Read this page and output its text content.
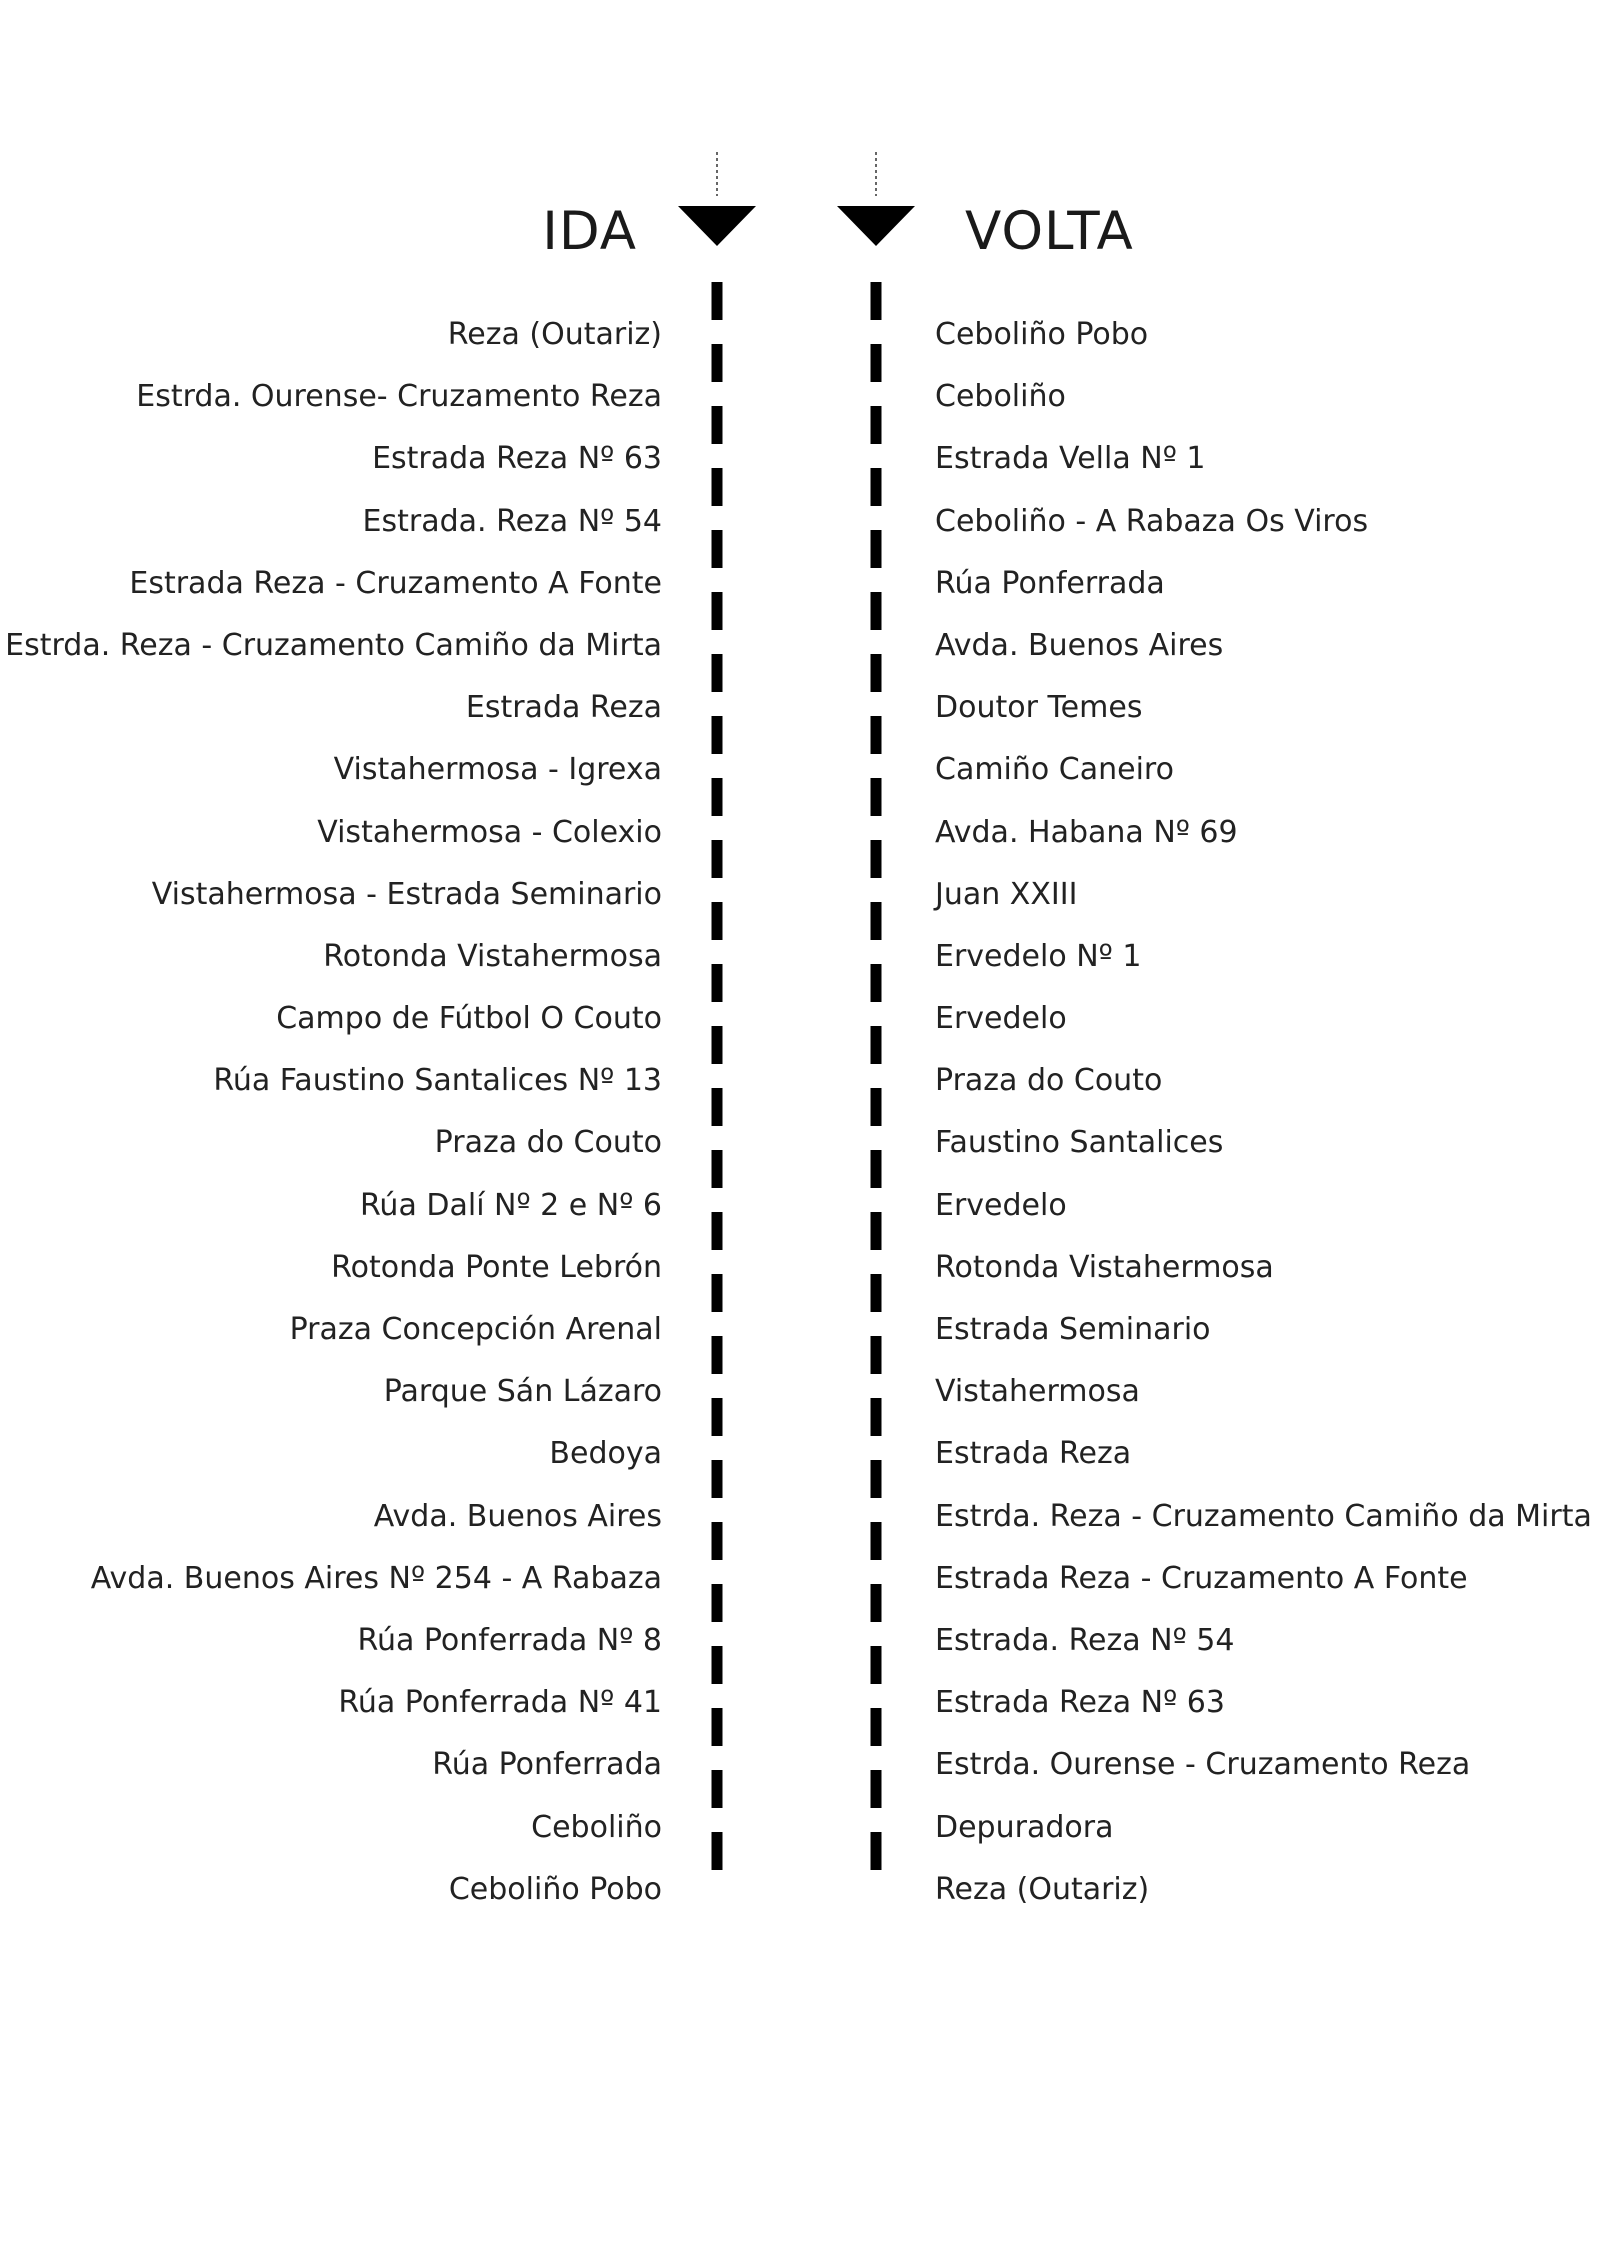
IDA	VOLTA
Reza (Outariz)
Estrda. Ourense- Cruzamento Reza
Estrada Reza Nº 63
Estrada. Reza Nº 54
Estrada Reza - Cruzamento A Fonte
Estrda. Reza - Cruzamento Camiño da Mirta
Estrada Reza
Vistahermosa - Igrexa
Vistahermosa - Colexio
Vistahermosa - Estrada Seminario
Rotonda Vistahermosa
Campo de Fútbol O Couto
Rúa Faustino Santalices Nº 13
Praza do Couto
Rúa Dalí Nº 2 e Nº 6
Rotonda Ponte Lebrón
Praza Concepción Arenal
Parque Sán Lázaro
Bedoya
Avda. Buenos Aires
Avda. Buenos Aires Nº 254 - A Rabaza
Rúa Ponferrada Nº 8
Rúa Ponferrada Nº 41
Rúa Ponferrada
Ceboliño
Ceboliño Pobo
Ceboliño Pobo
Ceboliño
Estrada Vella Nº 1
Ceboliño - A Rabaza Os Viros
Rúa Ponferrada
Avda. Buenos Aires
Doutor Temes
Camiño Caneiro
Avda. Habana Nº 69
Juan XXIII
Ervedelo Nº 1
Ervedelo
Praza do Couto
Faustino Santalices
Ervedelo
Rotonda Vistahermosa
Estrada Seminario
Vistahermosa
Estrada Reza
Estrda. Reza - Cruzamento Camiño da Mirta
Estrada Reza - Cruzamento A Fonte
Estrada. Reza Nº 54
Estrada Reza Nº 63
Estrda. Ourense - Cruzamento Reza
Depuradora
Reza (Outariz)
